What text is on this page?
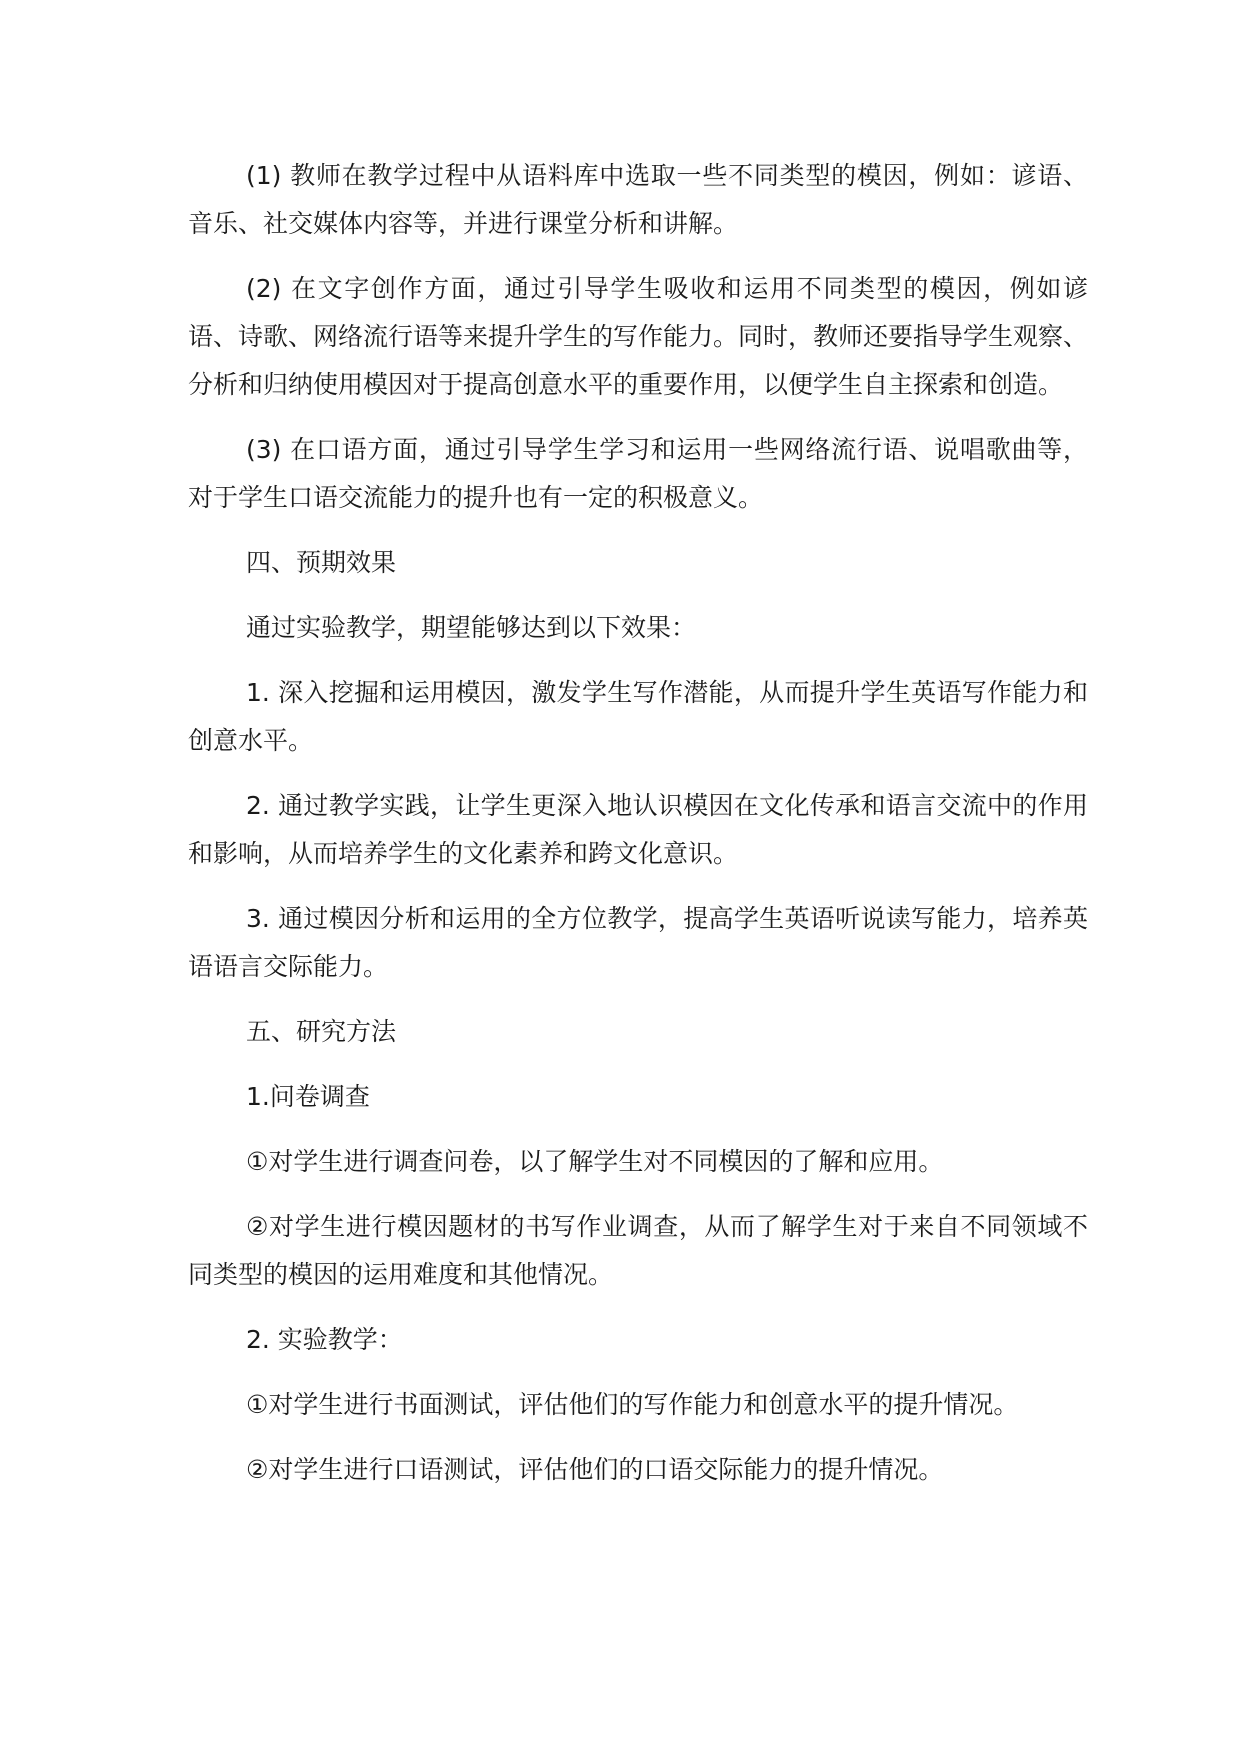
(1) 教师在教学过程中从语料库中选取一些不同类型的模因，例如：谚语、音乐、社交媒体内容等，并进行课堂分析和讲解。

(2) 在文字创作方面，通过引导学生吸收和运用不同类型的模因，例如谚语、诗歌、网络流行语等来提升学生的写作能力。同时，教师还要指导学生观察、分析和归纳使用模因对于提高创意水平的重要作用，以便学生自主探索和创造。

(3) 在口语方面，通过引导学生学习和运用一些网络流行语、说唱歌曲等，对于学生口语交流能力的提升也有一定的积极意义。

四、预期效果

通过实验教学，期望能够达到以下效果：

1. 深入挖掘和运用模因，激发学生写作潜能，从而提升学生英语写作能力和创意水平。

2. 通过教学实践，让学生更深入地认识模因在文化传承和语言交流中的作用和影响，从而培养学生的文化素养和跨文化意识。

3. 通过模因分析和运用的全方位教学，提高学生英语听说读写能力，培养英语语言交际能力。

五、研究方法

1.问卷调查

①对学生进行调查问卷，以了解学生对不同模因的了解和应用。

②对学生进行模因题材的书写作业调查，从而了解学生对于来自不同领域不同类型的模因的运用难度和其他情况。

2. 实验教学：

①对学生进行书面测试，评估他们的写作能力和创意水平的提升情况。

②对学生进行口语测试，评估他们的口语交际能力的提升情况。
